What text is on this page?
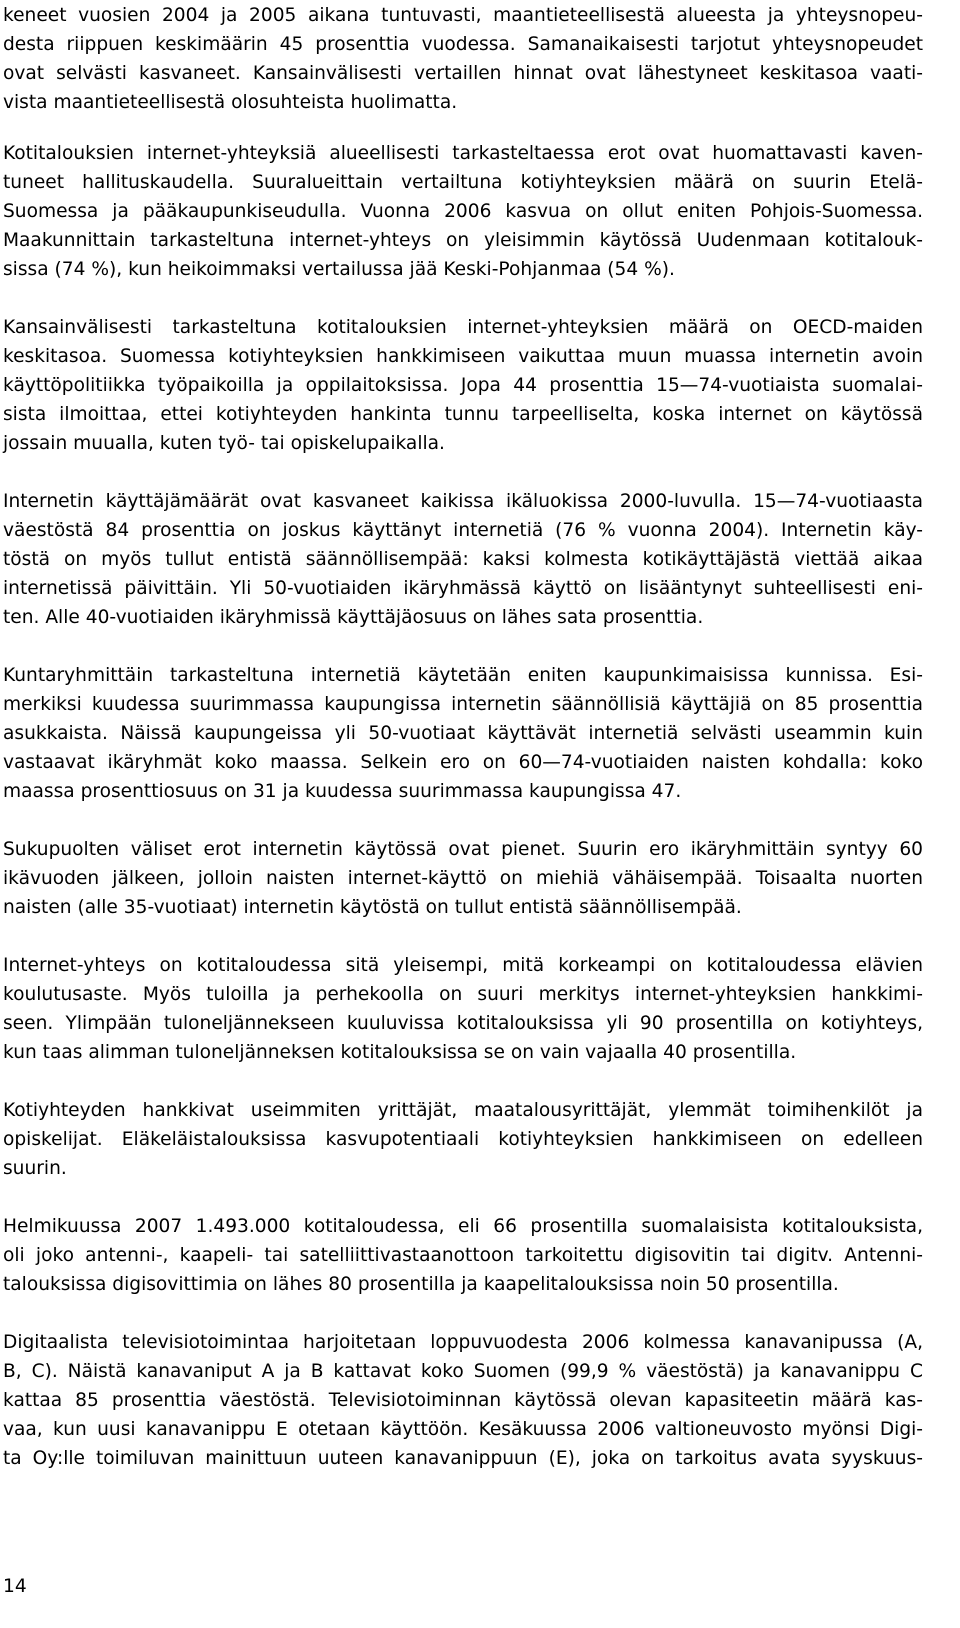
keneet vuosien 2004 ja 2005 aikana tuntuvasti, maantieteellisestä alueesta ja yhteysnopeu-
desta riippuen keskimäärin 45 prosenttia vuodessa. Samanaikaisesti tarjotut yhteysnopeudet
ovat selvästi kasvaneet. Kansainvälisesti vertaillen hinnat ovat lähestyneet keskitasoa vaati-
vista maantieteellisestä olosuhteista huolimatta.

Kotitalouksien internet-yhteyksiä alueellisesti tarkasteltaessa erot ovat huomattavasti kaven-
tuneet hallituskaudella. Suuralueittain vertailtuna kotiyhteyksien määrä on suurin Etelä-
Suomessa ja pääkaupunkiseudulla. Vuonna 2006 kasvua on ollut eniten Pohjois-Suomessa.
Maakunnittain tarkasteltuna internet-yhteys on yleisimmin käytössä Uudenmaan kotitalouk-
sissa (74 %), kun heikoimmaksi vertailussa jää Keski-Pohjanmaa (54 %).

Kansainvälisesti tarkasteltuna kotitalouksien internet-yhteyksien määrä on OECD-maiden
keskitasoa. Suomessa kotiyhteyksien hankkimiseen vaikuttaa muun muassa internetin avoin
käyttöpolitiikka työpaikoilla ja oppilaitoksissa. Jopa 44 prosenttia 15—74-vuotiaista suomalai-
sista ilmoittaa, ettei kotiyhteyden hankinta tunnu tarpeelliselta, koska internet on käytössä
jossain muualla, kuten työ- tai opiskelupaikalla.

Internetin käyttäjämäärät ovat kasvaneet kaikissa ikäluokissa 2000-luvulla. 15—74-vuotiaasta
väestöstä 84 prosenttia on joskus käyttänyt internetiä (76 % vuonna 2004). Internetin käy-
töstä on myös tullut entistä säännöllisempää: kaksi kolmesta kotikäyttäjästä viettää aikaa
internetissä päivittäin. Yli 50-vuotiaiden ikäryhmässä käyttö on lisääntynyt suhteellisesti eni-
ten. Alle 40-vuotiaiden ikäryhmissä käyttäjäosuus on lähes sata prosenttia.

Kuntaryhmittäin tarkasteltuna internetiä käytetään eniten kaupunkimaisissa kunnissa. Esi-
merkiksi kuudessa suurimmassa kaupungissa internetin säännöllisiä käyttäjiä on 85 prosenttia
asukkaista. Näissä kaupungeissa yli 50-vuotiaat käyttävät internetiä selvästi useammin kuin
vastaavat ikäryhmät koko maassa. Selkein ero on 60—74-vuotiaiden naisten kohdalla: koko
maassa prosenttiosuus on 31 ja kuudessa suurimmassa kaupungissa 47.

Sukupuolten väliset erot internetin käytössä ovat pienet. Suurin ero ikäryhmittäin syntyy 60
ikävuoden jälkeen, jolloin naisten internet-käyttö on miehiä vähäisempää. Toisaalta nuorten
naisten (alle 35-vuotiaat) internetin käytöstä on tullut entistä säännöllisempää.

Internet-yhteys on kotitaloudessa sitä yleisempi, mitä korkeampi on kotitaloudessa elävien
koulutusaste. Myös tuloilla ja perhekoolla on suuri merkitys internet-yhteyksien hankkimi-
seen. Ylimpään tuloneljännekseen kuuluvissa kotitalouksissa yli 90 prosentilla on kotiyhteys,
kun taas alimman tuloneljänneksen kotitalouksissa se on vain vajaalla 40 prosentilla.

Kotiyhteyden hankkivat useimmiten yrittäjät, maatalousyrittäjät, ylemmät toimihenkilöt ja
opiskelijat. Eläkeläistalouksissa kasvupotentiaali kotiyhteyksien hankkimiseen on edelleen
suurin.

Helmikuussa 2007 1.493.000 kotitaloudessa, eli 66 prosentilla suomalaisista kotitalouksista,
oli joko antenni-, kaapeli- tai satelliittivastaanottoon tarkoitettu digisovitin tai digitv. Antenni-
talouksissa digisovittimia on lähes 80 prosentilla ja kaapelitalouksissa noin 50 prosentilla.

Digitaalista televisiotoimintaa harjoitetaan loppuvuodesta 2006 kolmessa kanavanipussa (A,
B, C). Näistä kanavaniput A ja B kattavat koko Suomen (99,9 % väestöstä) ja kanavanippu C
kattaa 85 prosenttia väestöstä. Televisiotoiminnan käytössä olevan kapasiteetin määrä kas-
vaa, kun uusi kanavanippu E otetaan käyttöön. Kesäkuussa 2006 valtioneuvosto myönsi Digi-
ta Oy:lle toimiluvan mainittuun uuteen kanavanippuun (E), joka on tarkoitus avata syyskuus-

14
